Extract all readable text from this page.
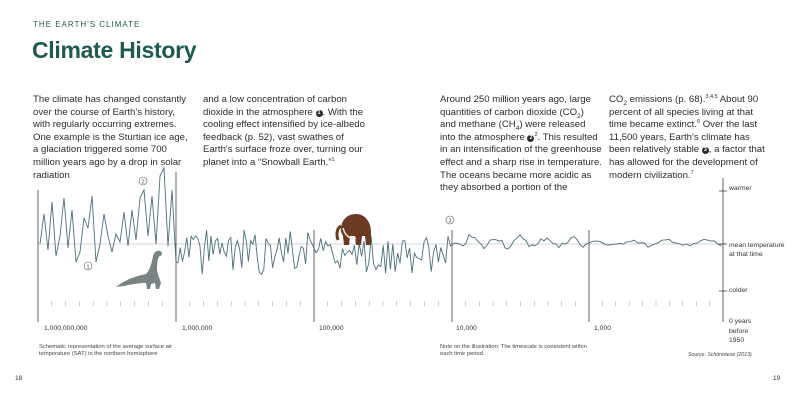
THE EARTH'S CLIMATE
Climate History

The climate has changed constantly over the course of Earth's history, with regularly occurring extremes. One example is the Sturtian ice age, a glaciation triggered some 700 million years ago by a drop in solar radiation

and a low concentration of carbon dioxide in the atmosphere 1 . With the cooling effect intensified by ice-albedo feedback (p. 52), vast swathes of Earth's surface froze over, turning our planet into a “Snowball Earth.”$^1$

Around 250 million years ago, large quantities of carbon dioxide $(CO_2)$ and methane $(CH_4)$ were released into the atmosphere $2^2$. This resulted in an intensification of the greenhouse effect and a sharp rise in temperature. The oceans became more acidic as they absorbed a portion of the

$CO_2$ emissions (p. 68).$^{3,4,5}$ About 90 percent of all species living at that time became extinct.$^6$ Over the last 11,500 years, Earth's climate has been relatively stable 3 , a factor that has allowed for the development of modern civilization.$^7$

1
2
3
warmer
mean temperature at that time
colder
1,000,000,000	1,000,000	100,000	10,000	1,000
0 years before 1950
Schematic representation of the average surface air temperature (SAT) in the northern hemisphere
Note on the illustration: The timescale is consistent within each time period.	Source: Schönwiese (2013)
18	19
